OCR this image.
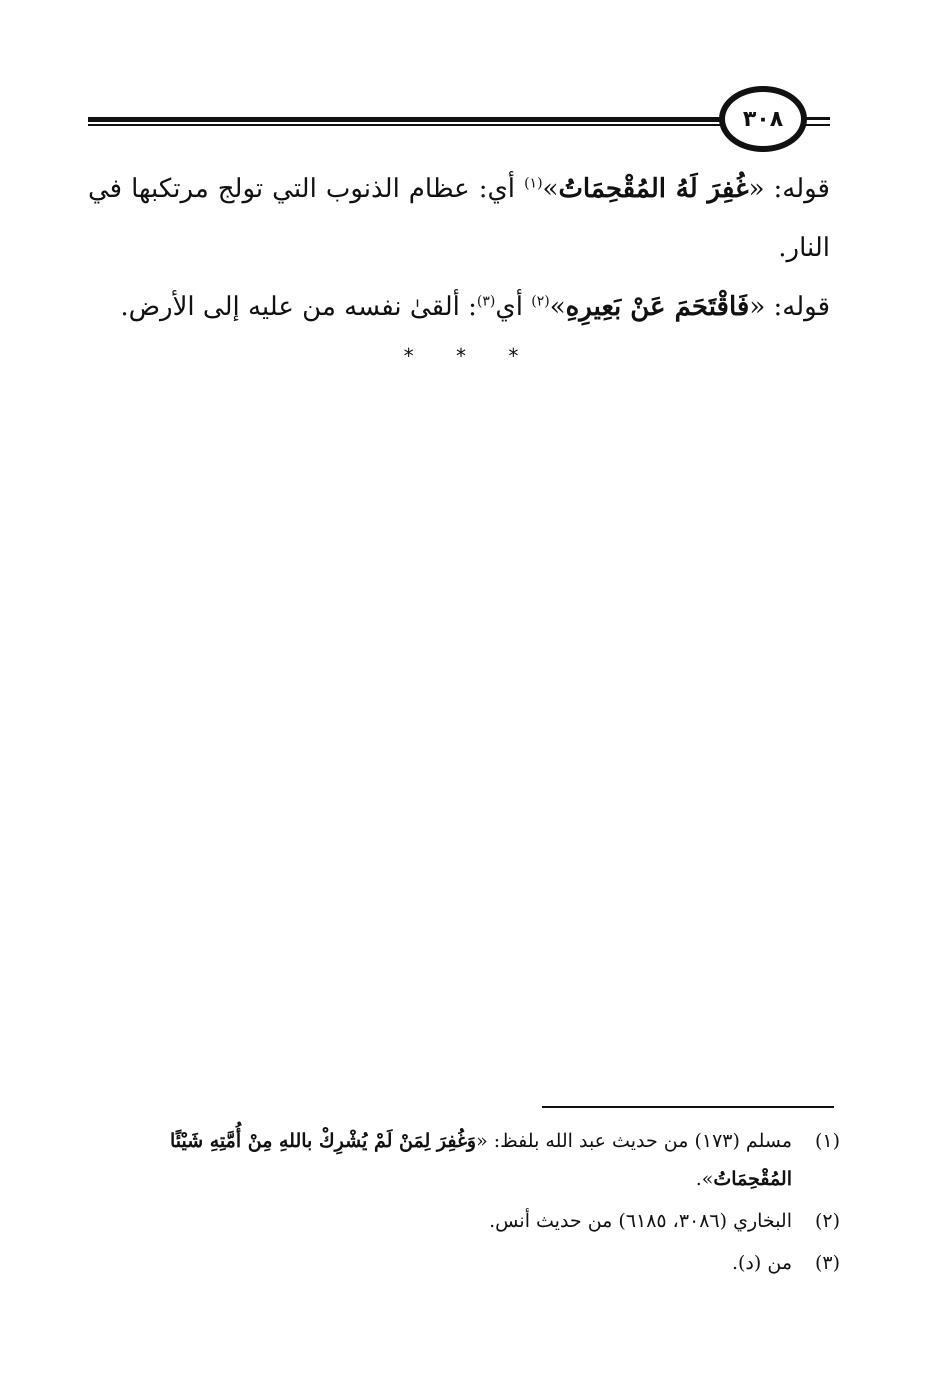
٣٠٨

قوله: «غُفِرَ لَهُ المُقْحِمَاتُ»$^{(١)}$ أي: عظام الذنوب التي تولج مرتكبها في النار.

قوله: «فَاقْتَحَمَ عَنْ بَعِيرِهِ»$^{(٢)}$ أي$^{(٣)}$: ألقىٰ نفسه من عليه إلى الأرض.

* * *
(١)
مسلم (١٧٣) من حديث عبد الله بلفظ: «وَغُفِرَ لِمَنْ لَمْ يُشْرِكْ باللهِ مِنْ أُمَّتِهِ شَيْئًا المُقْحِمَاتُ».
(٢)
البخاري (٣٠٨٦، ٦١٨٥) من حديث أنس.
(٣)
من (د).
